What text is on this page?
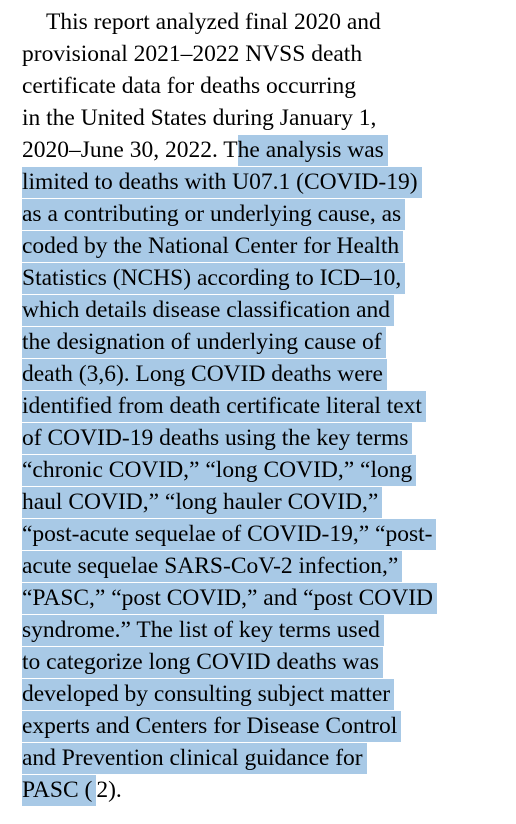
This report analyzed final 2020 and
provisional 2021–2022 NVSS death
certificate data for deaths occurring
in the United States during January 1,
2020–June 30, 2022. The analysis was
limited to deaths with U07.1 (COVID-19)
as a contributing or underlying cause, as
coded by the National Center for Health
Statistics (NCHS) according to ICD–10,
which details disease classification and
the designation of underlying cause of
death (3,6). Long COVID deaths were
identified from death certificate literal text
of COVID-19 deaths using the key terms
“chronic COVID,” “long COVID,” “long
haul COVID,” “long hauler COVID,”
“post-acute sequelae of COVID-19,” “post-
acute sequelae SARS-CoV-2 infection,”
“PASC,” “post COVID,” and “post COVID
syndrome.” The list of key terms used
to categorize long COVID deaths was
developed by consulting subject matter
experts and Centers for Disease Control
and Prevention clinical guidance for
PASC ( 2).
